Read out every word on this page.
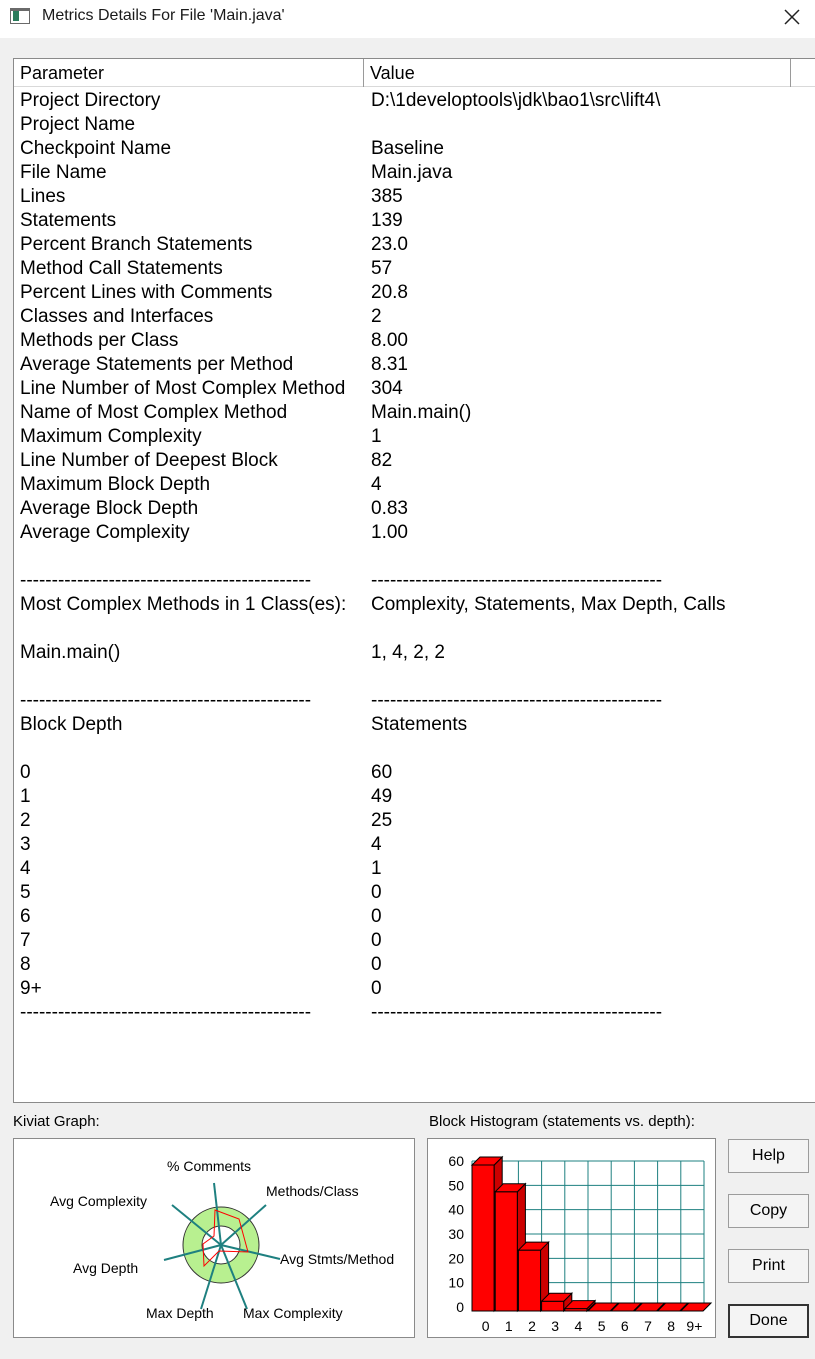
Metrics Details For File 'Main.java'
Parameter	Value
Project Directory	D:\1developtools\jdk\bao1\src\lift4\
Project Name
Checkpoint Name	Baseline
File Name	Main.java
Lines	385
Statements	139
Percent Branch Statements	23.0
Method Call Statements	57
Percent Lines with Comments	20.8
Classes and Interfaces	2
Methods per Class	8.00
Average Statements per Method	8.31
Line Number of Most Complex Method 304
Name of Most Complex Method	Main.main()
Maximum Complexity	1
Line Number of Deepest Block	82
Maximum Block Depth	4
Average Block Depth	0.83
Average Complexity	1.00
----------------------------------------------	----------------------------------------------
Most Complex Methods in 1 Class(es): Complexity, Statements, Max Depth, Calls
Main.main()	1, 4, 2, 2
----------------------------------------------	----------------------------------------------
Block Depth	Statements
0	60
1	49
2	25
3	4
4	1
5	0
6	0
7	0
8	0
9+	0
----------------------------------------------	----------------------------------------------
Kiviat Graph:
% Comments
Methods/Class
Avg Stmts/Method
Max Complexity
Max Depth
Avg Depth
Avg Complexity
Block Histogram (statements vs. depth):
0
10
20
30
40
50
60
0 1 2 3 4 5 6 7 8 9+
Help
Copy
Print
Done
